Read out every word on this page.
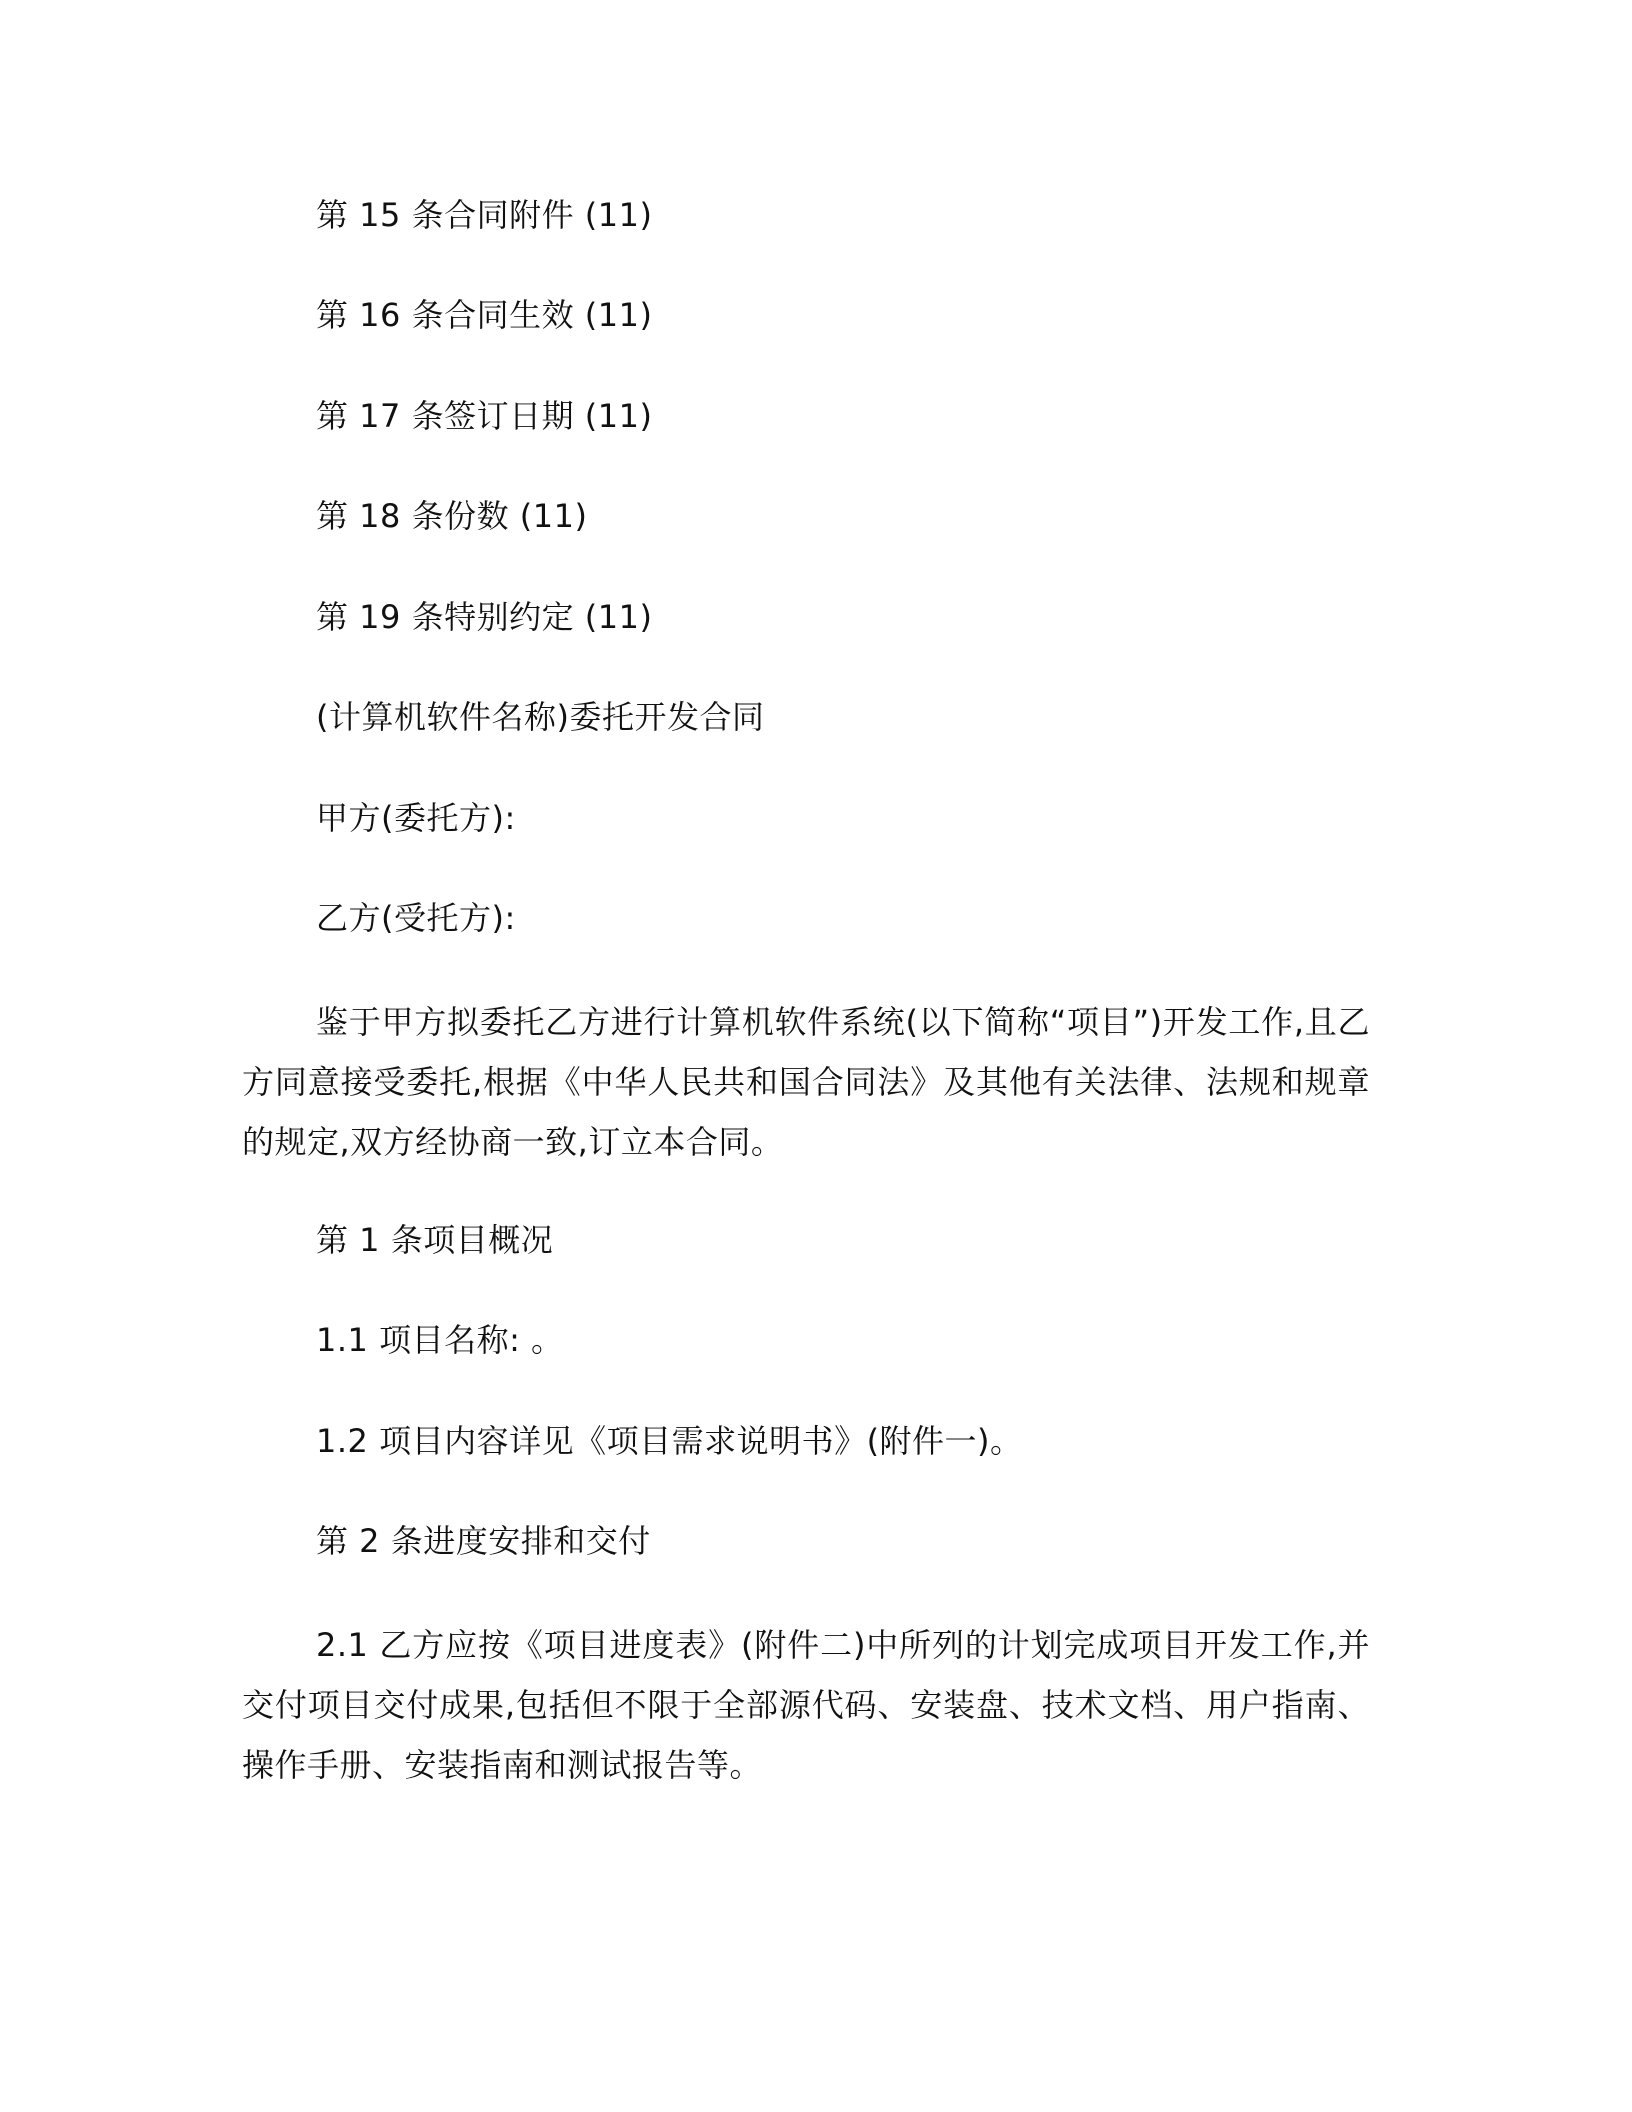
第 15 条合同附件 (11)
第 16 条合同生效 (11)
第 17 条签订日期 (11)
第 18 条份数 (11)
第 19 条特别约定 (11)
(计算机软件名称)委托开发合同
甲方(委托方):
乙方(受托方):
鉴于甲方拟委托乙方进行计算机软件系统(以下简称“项目”)开发工作,且乙方同意接受委托,根据《中华人民共和国合同法》及其他有关法律、法规和规章的规定,双方经协商一致,订立本合同。
第 1 条项目概况
1.1 项目名称: 。
1.2 项目内容详见《项目需求说明书》(附件一)。
第 2 条进度安排和交付
2.1 乙方应按《项目进度表》(附件二)中所列的计划完成项目开发工作,并交付项目交付成果,包括但不限于全部源代码、安装盘、技术文档、用户指南、操作手册、安装指南和测试报告等。
